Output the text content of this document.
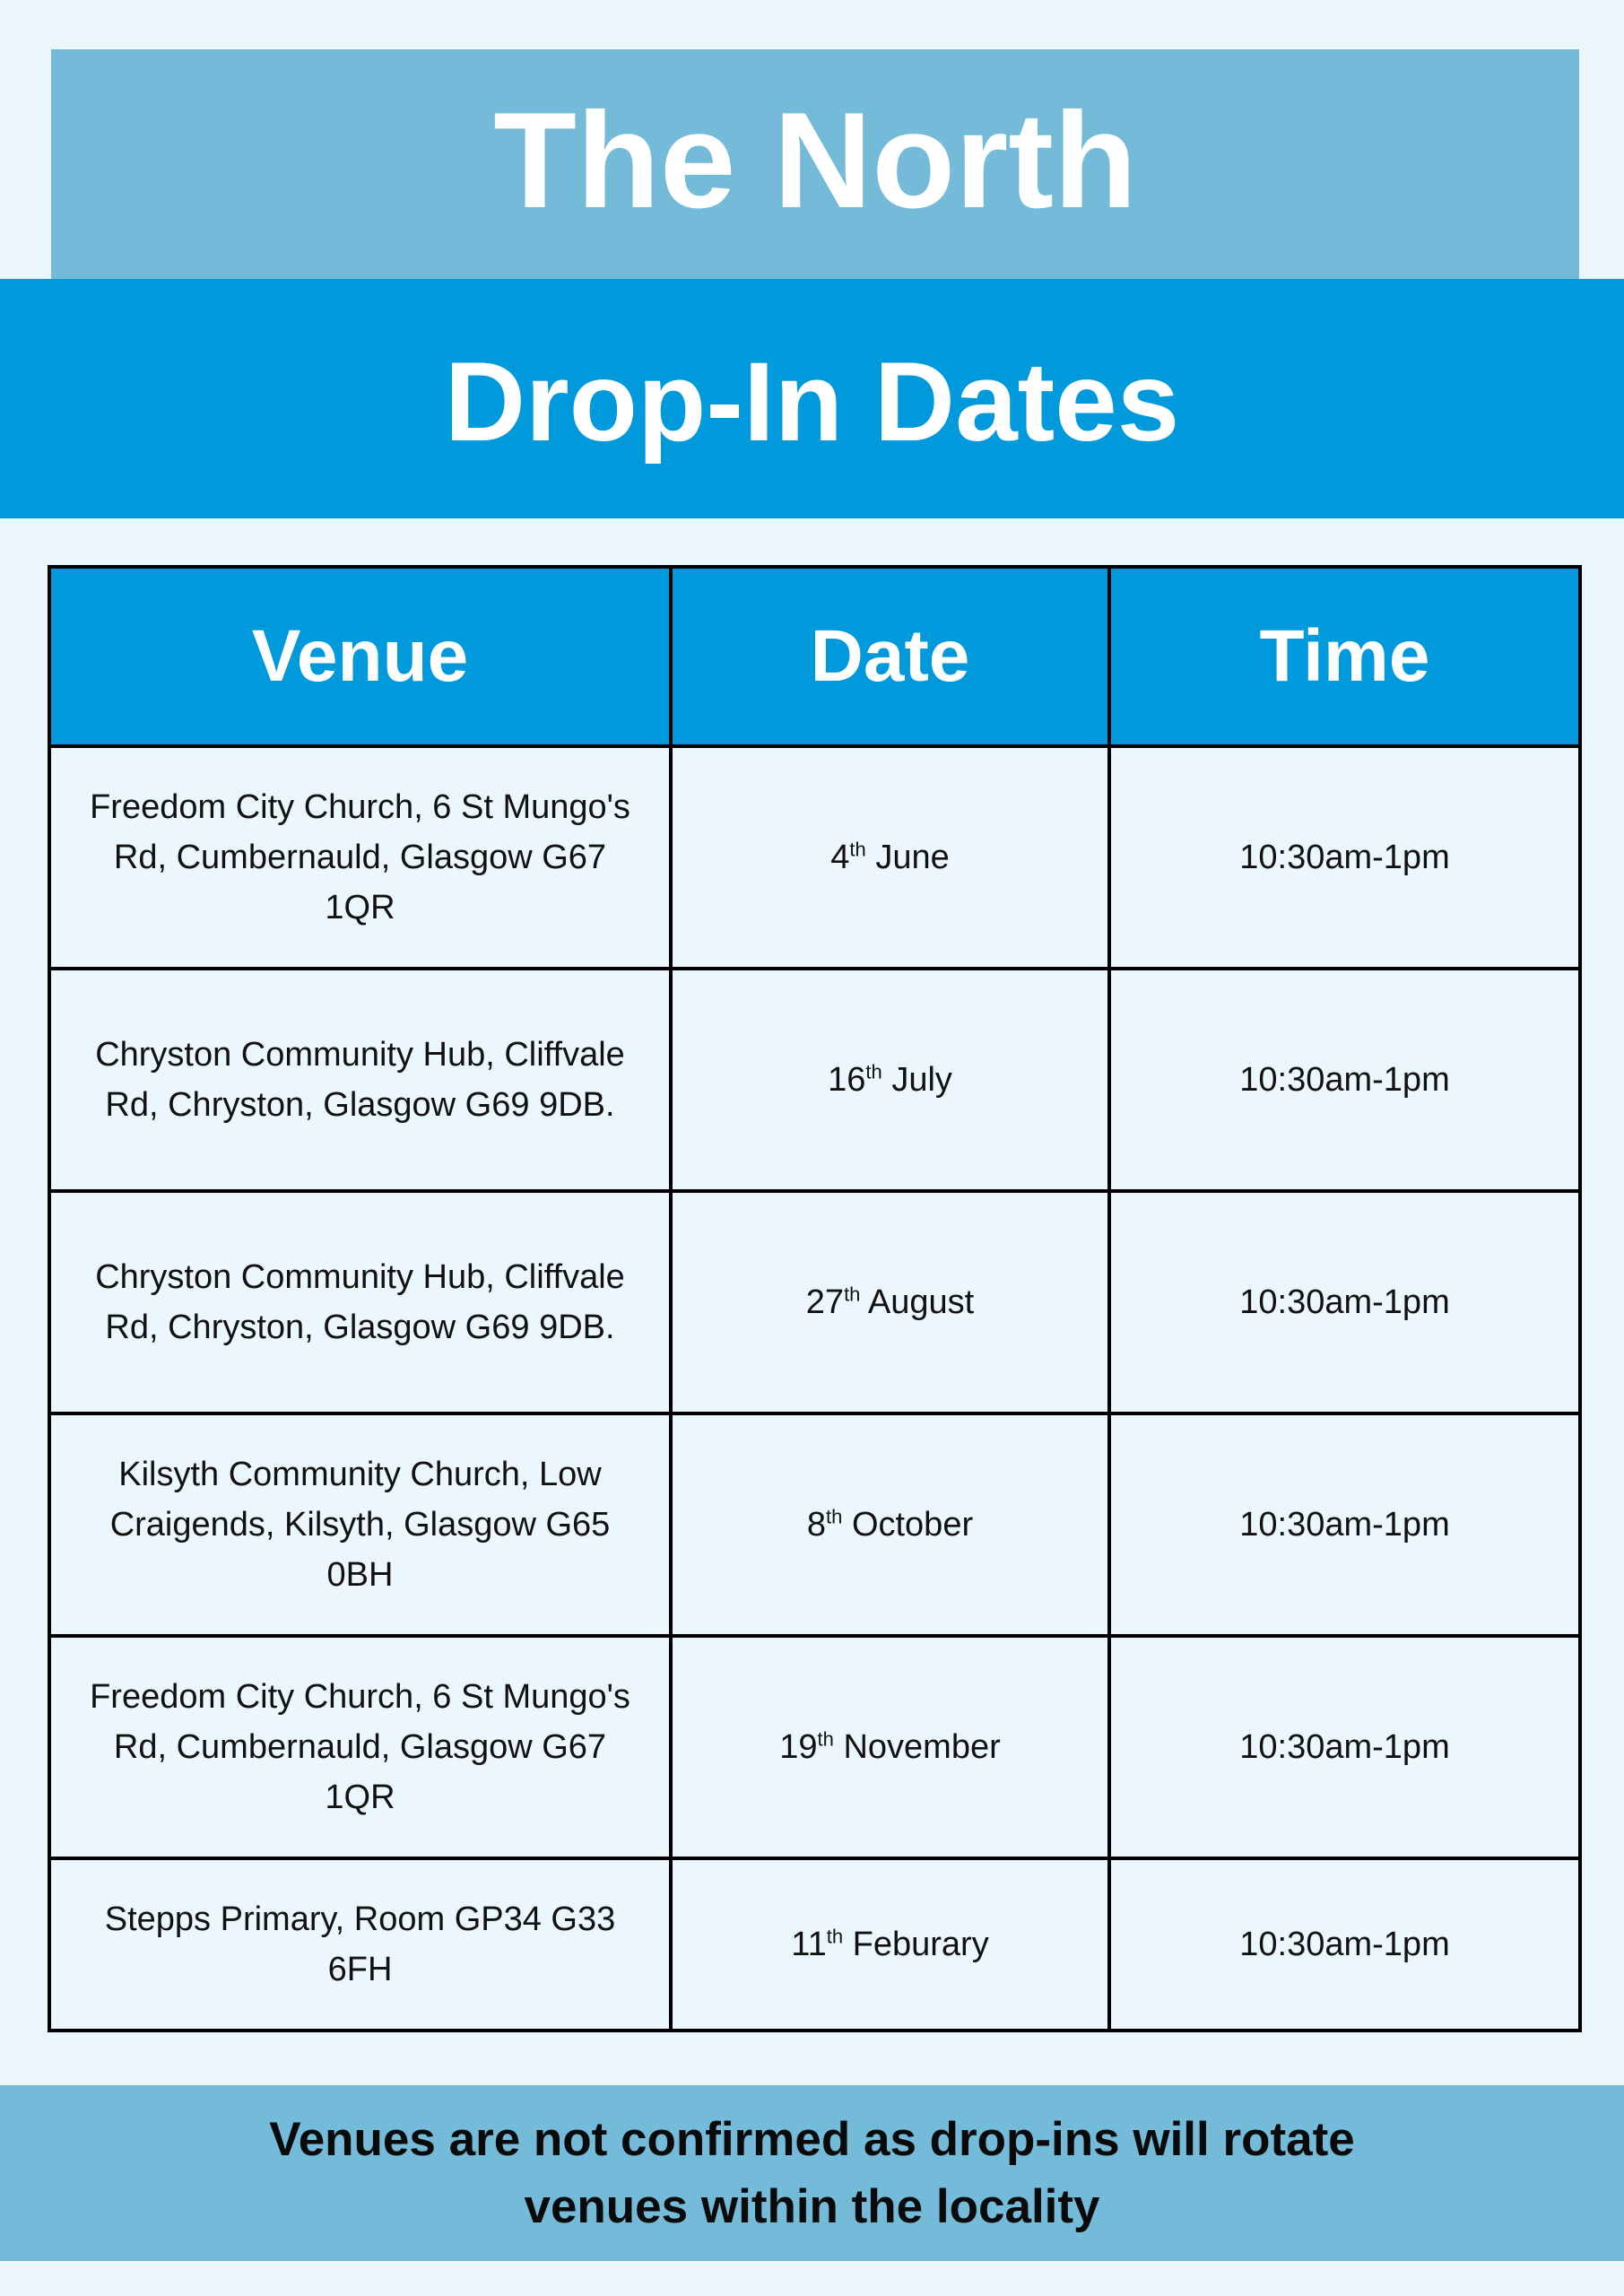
The North
Drop-In Dates
Venue	Date	Time
Freedom City Church, 6 St Mungo's Rd, Cumbernauld, Glasgow G67 1QR	4th June	10:30am-1pm
Chryston Community Hub, Cliffvale Rd, Chryston, Glasgow G69 9DB.	16th July	10:30am-1pm
Chryston Community Hub, Cliffvale Rd, Chryston, Glasgow G69 9DB.	27th August	10:30am-1pm
Kilsyth Community Church, Low Craigends, Kilsyth, Glasgow G65 0BH	8th October	10:30am-1pm
Freedom City Church, 6 St Mungo's Rd, Cumbernauld, Glasgow G67 1QR	19th November	10:30am-1pm
Stepps Primary, Room GP34 G33 6FH	11th Feburary	10:30am-1pm

Venues are not confirmed as drop-ins will rotate venues within the locality
